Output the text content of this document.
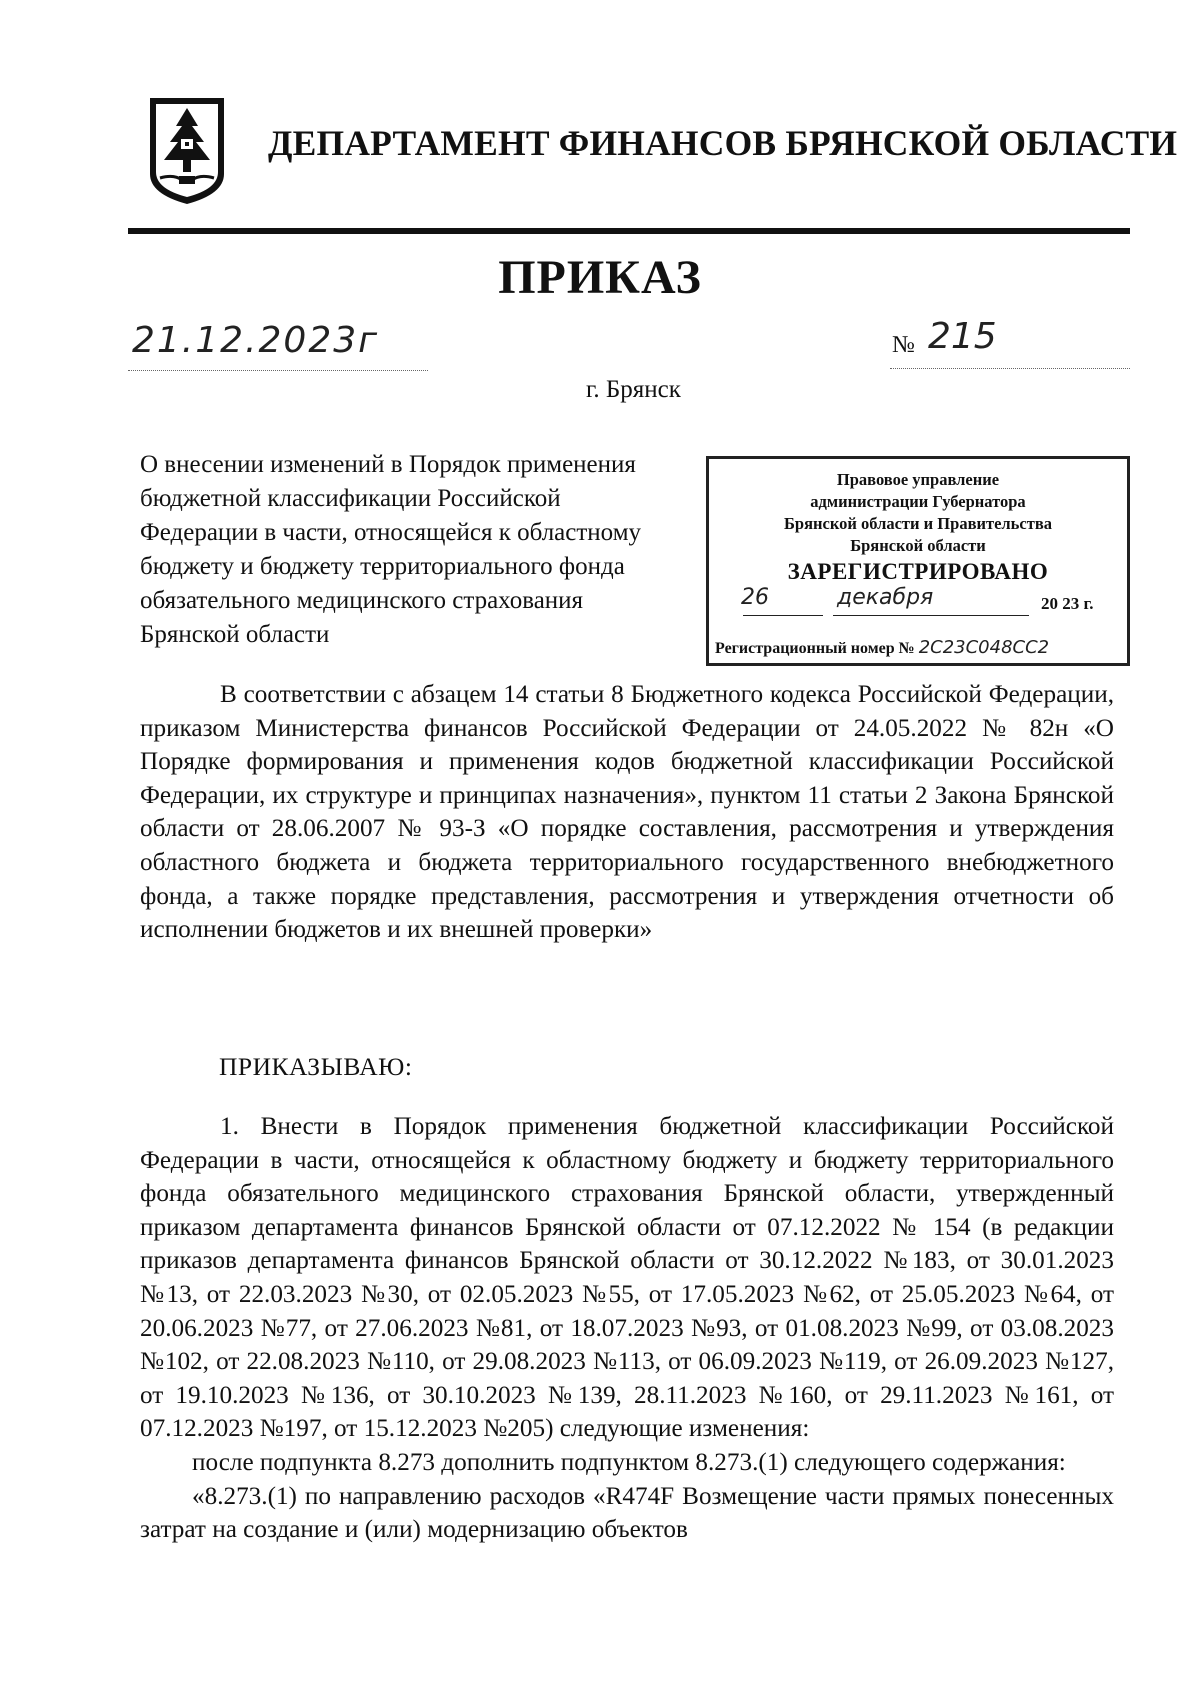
ДЕПАРТАМЕНТ ФИНАНСОВ БРЯНСКОЙ ОБЛАСТИ
ПРИКАЗ
21.12.2023г	№ 215
г. Брянск
О внесении изменений в Порядок применения бюджетной классификации Российской Федерации в части, относящейся к областному бюджету и бюджету территориального фонда обязательного медицинского страхования Брянской области
Правовое управление
администрации Губернатора
Брянской области и Правительства
Брянской области
ЗАРЕГИСТРИРОВАНО
26	декабря	20 23 г.
Регистрационный номер № 2С23С048СС2

В соответствии с абзацем 14 статьи 8 Бюджетного кодекса Российской Федерации, приказом Министерства финансов Российской Федерации от 24.05.2022 № 82н «О Порядке формирования и применения кодов бюджетной классификации Российской Федерации, их структуре и принципах назначения», пунктом 11 статьи 2 Закона Брянской области от 28.06.2007 № 93-З «О порядке составления, рассмотрения и утверждения областного бюджета и бюджета территориального государственного внебюджетного фонда, а также порядке представления, рассмотрения и утверждения отчетности об исполнении бюджетов и их внешней проверки»

ПРИКАЗЫВАЮ:

1. Внести в Порядок применения бюджетной классификации Российской Федерации в части, относящейся к областному бюджету и бюджету территориального фонда обязательного медицинского страхования Брянской области, утвержденный приказом департамента финансов Брянской области от 07.12.2022 № 154 (в редакции приказов департамента финансов Брянской области от 30.12.2022 №183, от 30.01.2023 №13, от 22.03.2023 №30, от 02.05.2023 №55, от 17.05.2023 №62, от 25.05.2023 №64, от 20.06.2023 №77, от 27.06.2023 №81, от 18.07.2023 №93, от 01.08.2023 №99, от 03.08.2023 №102, от 22.08.2023 №110, от 29.08.2023 №113, от 06.09.2023 №119, от 26.09.2023 №127, от 19.10.2023 №136, от 30.10.2023 №139, 28.11.2023 №160, от 29.11.2023 №161, от 07.12.2023 №197, от 15.12.2023 №205) следующие изменения:

после подпункта 8.273 дополнить подпунктом 8.273.(1) следующего содержания:

«8.273.(1) по направлению расходов «R474F Возмещение части прямых понесенных затрат на создание и (или) модернизацию объектов
